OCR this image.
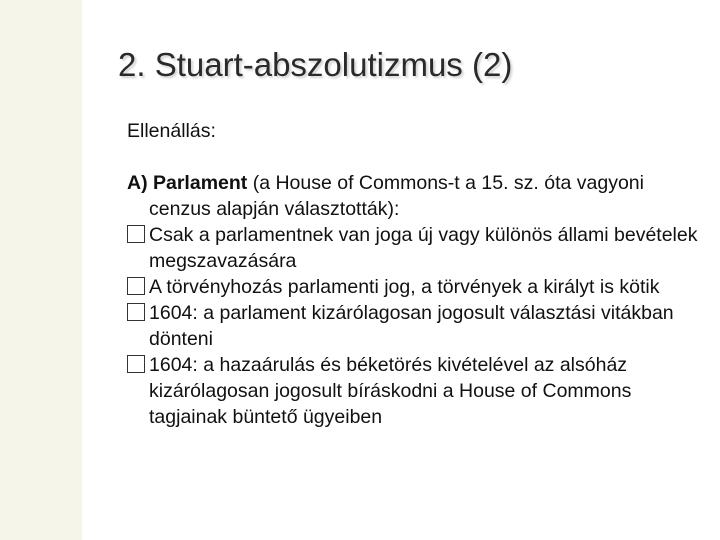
2. Stuart-abszolutizmus (2)

Ellenállás:

A) Parlament (a House of Commons-t a 15. sz. óta vagyoni cenzus alapján választották):

Csak a parlamentnek van joga új vagy különös állami bevételek megszavazására

A törvényhozás parlamenti jog, a törvények a királyt is kötik

1604: a parlament kizárólagosan jogosult választási vitákban dönteni

1604: a hazaárulás és béketörés kivételével az alsóház kizárólagosan jogosult bíráskodni a House of Commons tagjainak büntető ügyeiben
